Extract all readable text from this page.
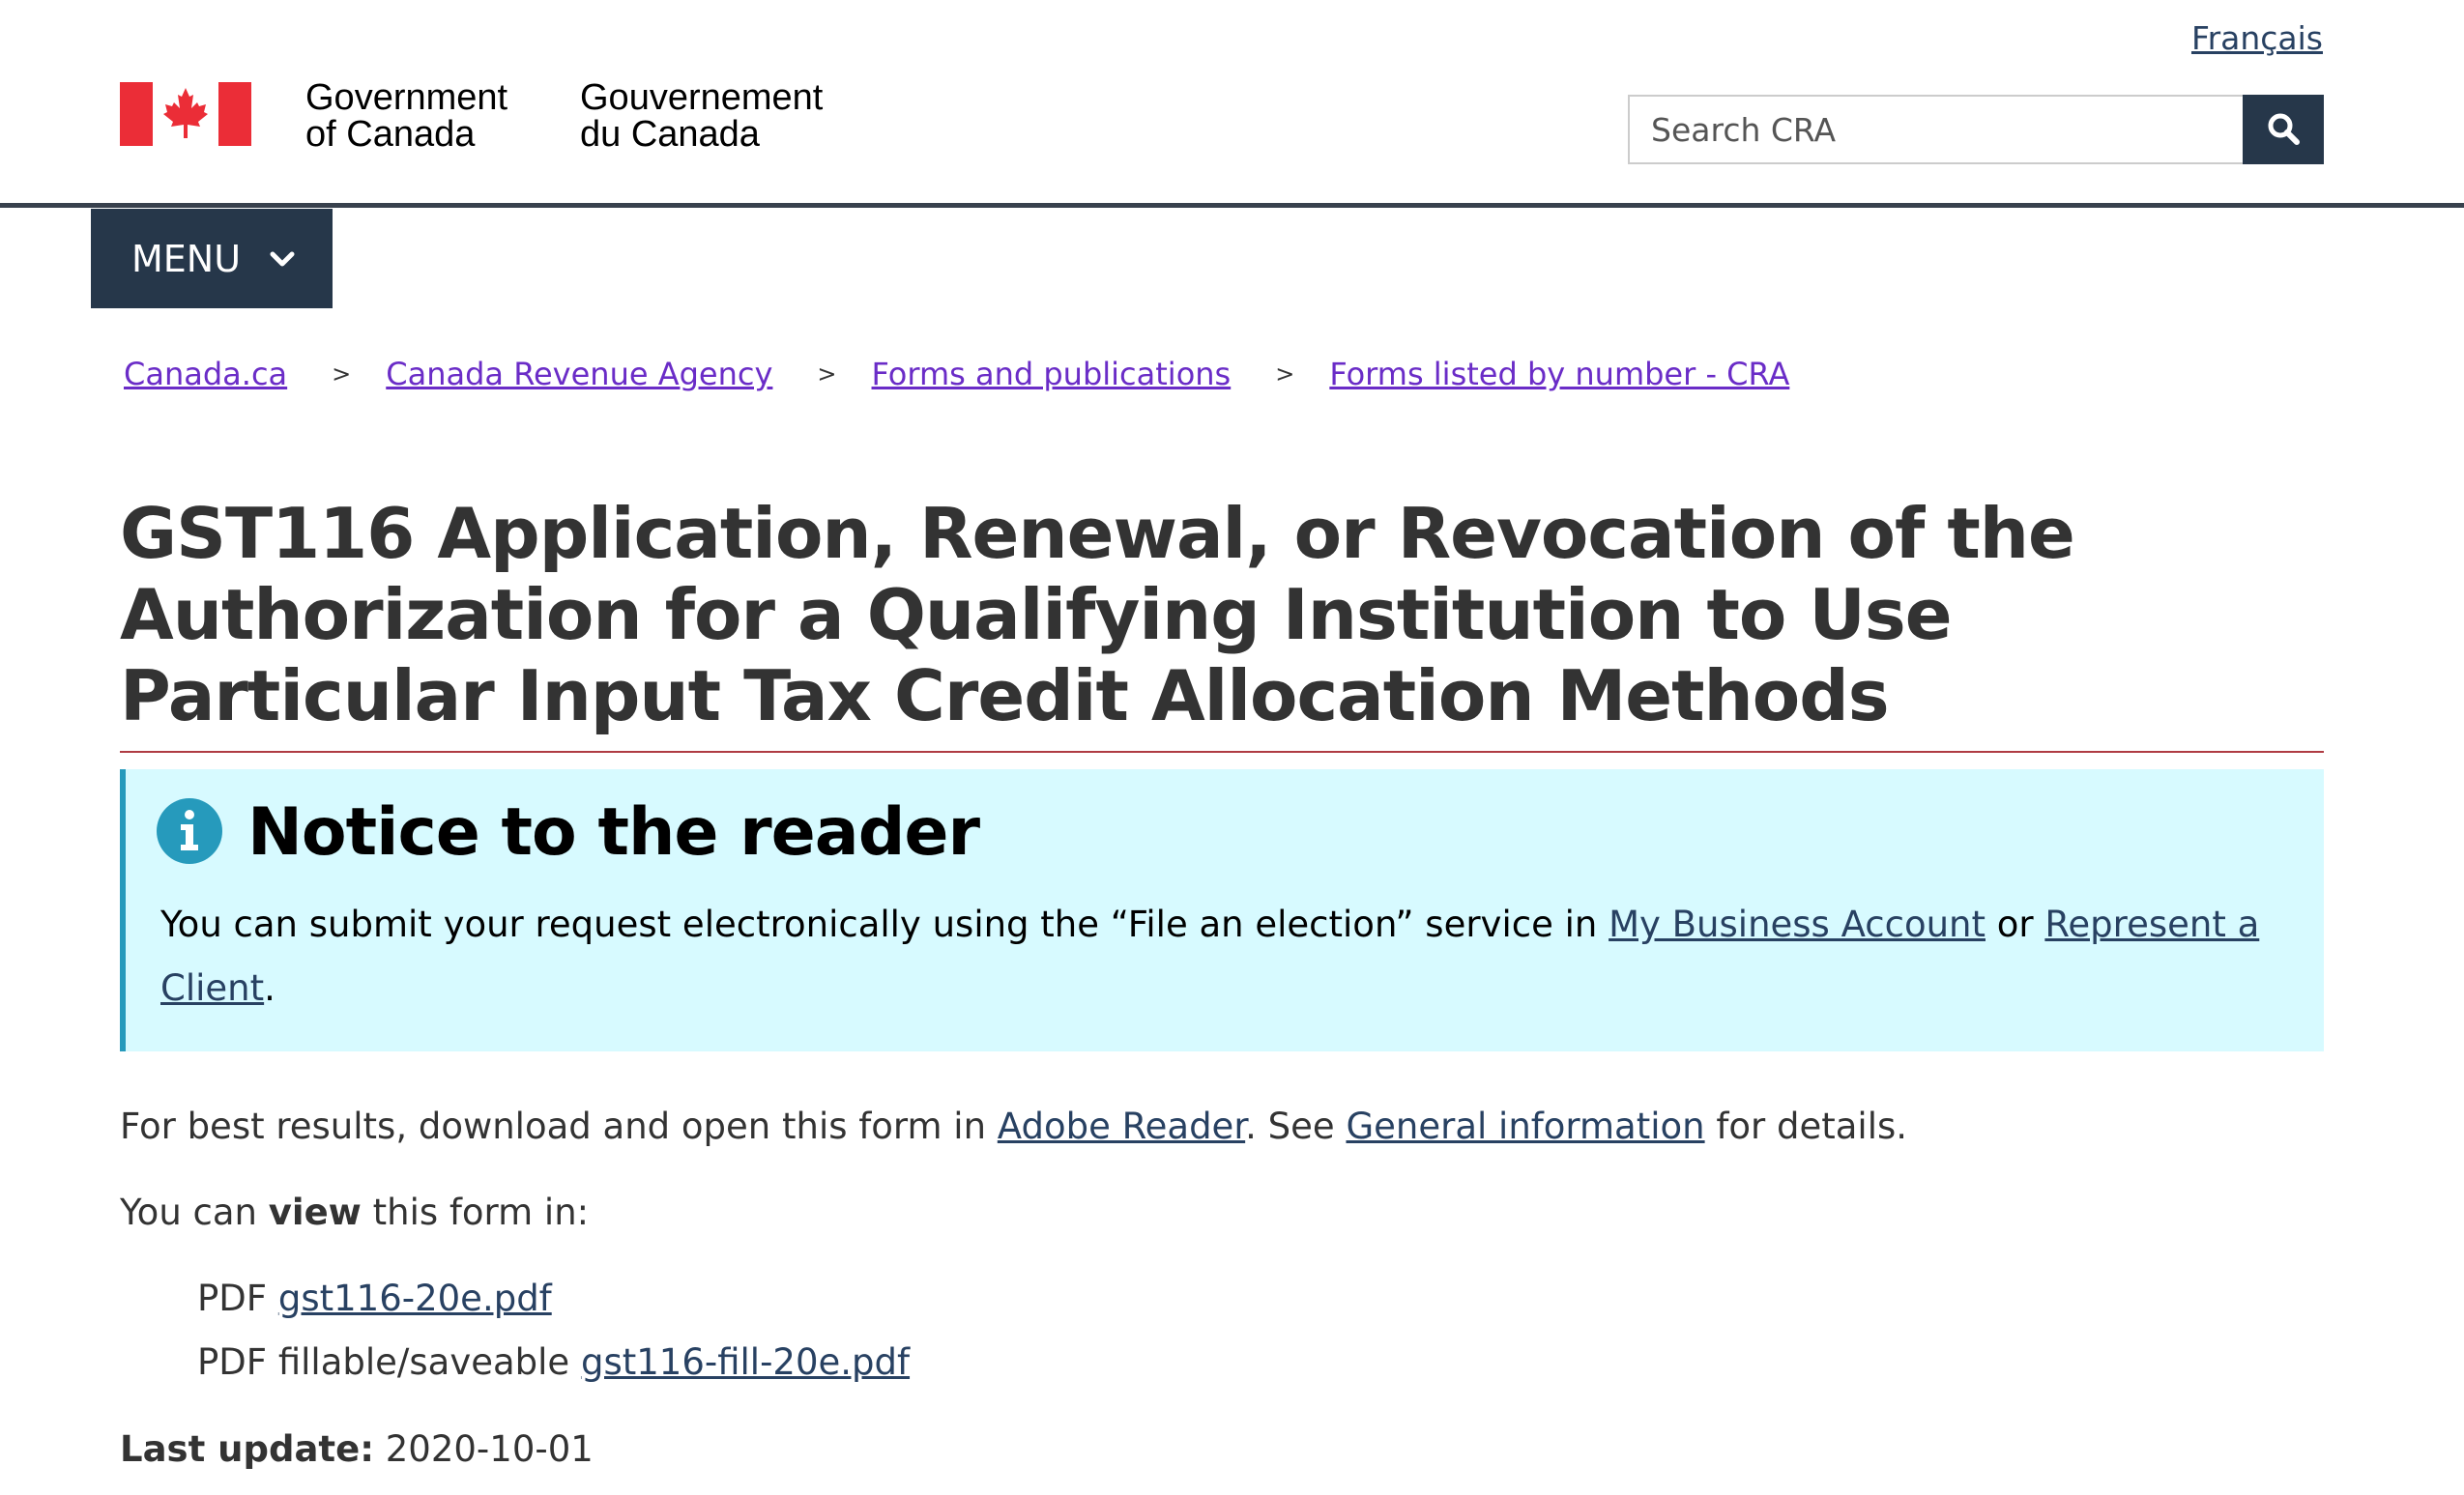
Français
Government
of Canada
Gouvernement
du Canada
Search CRA
MENU
Canada.ca > Canada Revenue Agency > Forms and publications > Forms listed by number - CRA
GST116 Application, Renewal, or Revocation of the Authorization for a Qualifying Institution to Use Particular Input Tax Credit Allocation Methods
Notice to the reader

You can submit your request electronically using the “File an election” service in My Business Account or Represent a Client.

For best results, download and open this form in Adobe Reader. See General information for details.

You can view this form in:

PDF gst116-20e.pdf
PDF fillable/saveable gst116-fill-20e.pdf
Last update: 2020-10-01
